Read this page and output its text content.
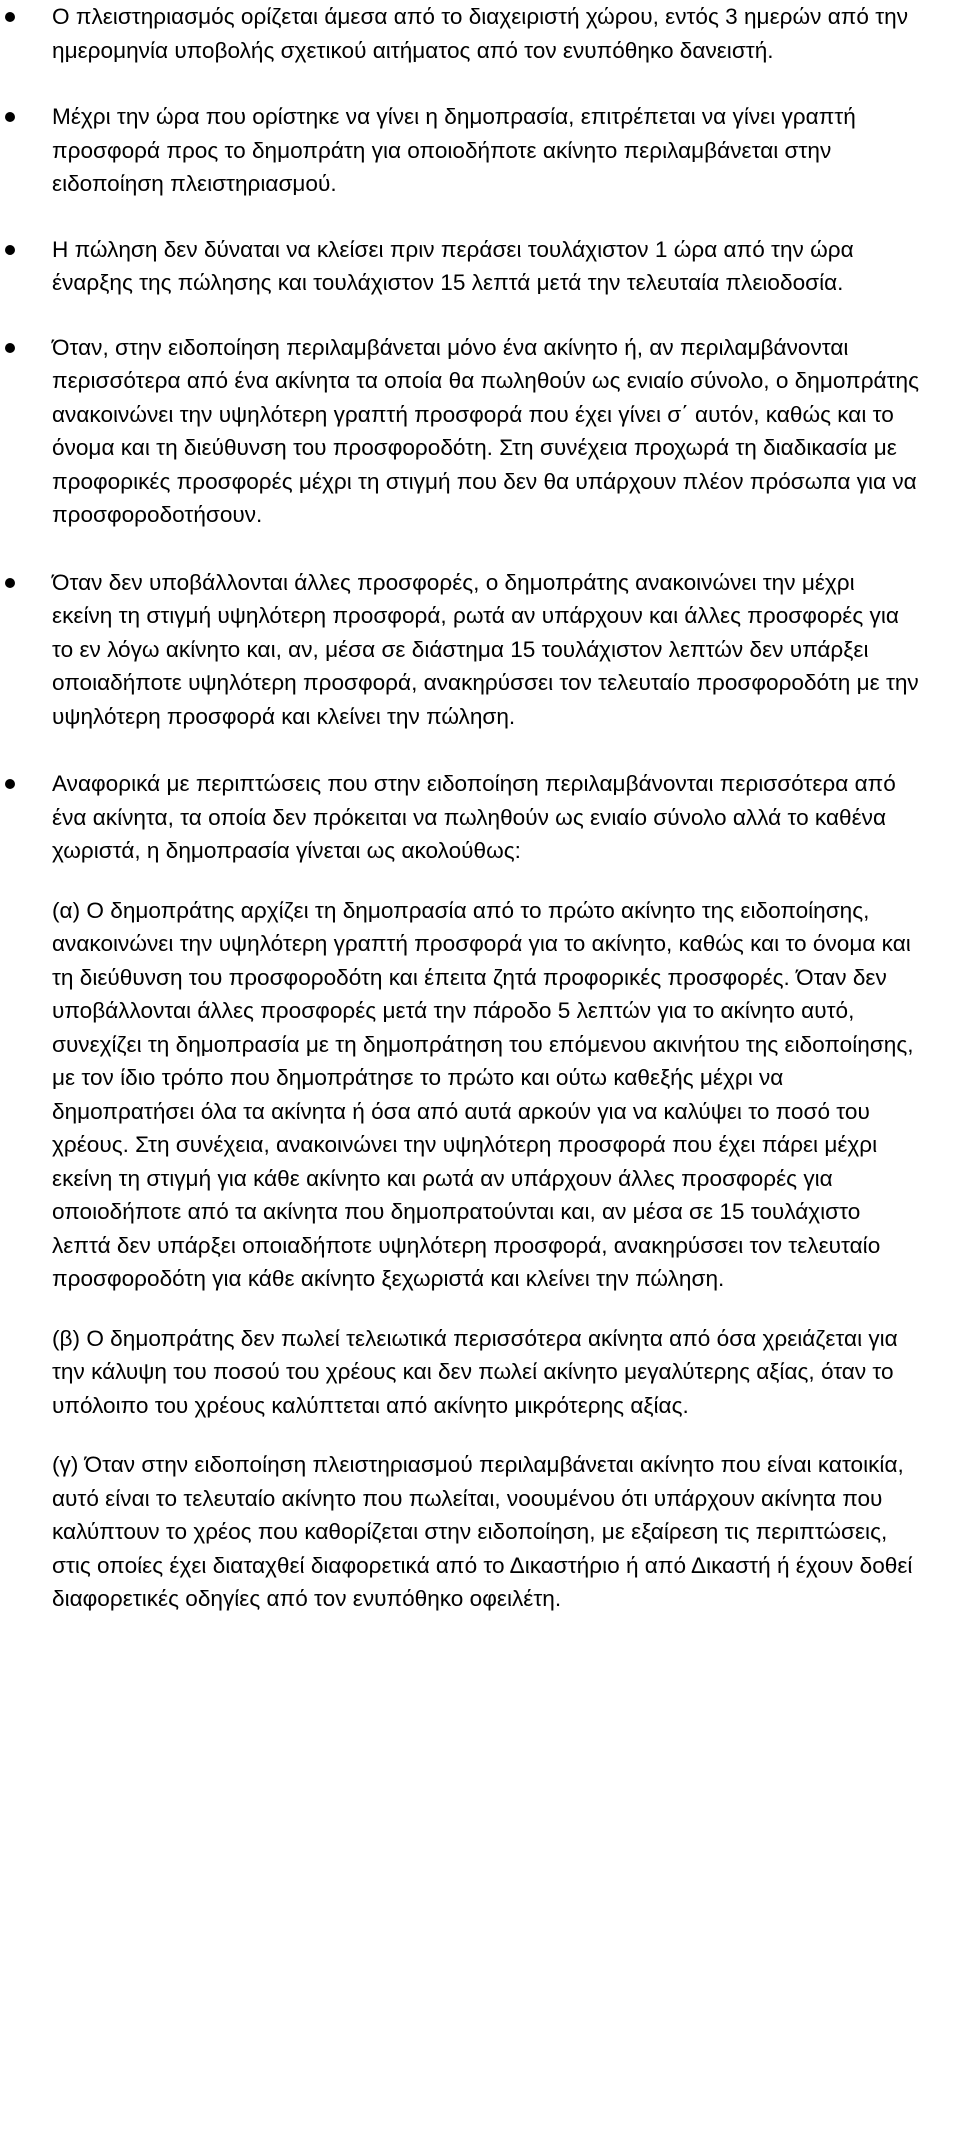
Ο πλειστηριασμός ορίζεται άμεσα από το διαχειριστή χώρου, εντός 3 ημερών από την ημερομηνία υποβολής σχετικού αιτήματος από τον ενυπόθηκο δανειστή.

Μέχρι την ώρα που ορίστηκε να γίνει η δημοπρασία, επιτρέπεται να γίνει γραπτή προσφορά προς το δημοπράτη για οποιοδήποτε ακίνητο περιλαμβάνεται στην ειδοποίηση πλειστηριασμού.

Η πώληση δεν δύναται να κλείσει πριν περάσει τουλάχιστον 1 ώρα από την ώρα έναρξης της πώλησης και τουλάχιστον 15 λεπτά μετά την τελευταία πλειοδοσία.

Όταν, στην ειδοποίηση περιλαμβάνεται μόνο ένα ακίνητο ή, αν περιλαμβάνονται περισσότερα από ένα ακίνητα τα οποία θα πωληθούν ως ενιαίο σύνολο, ο δημοπράτης ανακοινώνει την υψηλότερη γραπτή προσφορά που έχει γίνει σ΄ αυτόν, καθώς και το όνομα και τη διεύθυνση του προσφοροδότη. Στη συνέχεια προχωρά τη διαδικασία με προφορικές προσφορές μέχρι τη στιγμή που δεν θα υπάρχουν πλέον πρόσωπα για να προσφοροδοτήσουν.

Όταν δεν υποβάλλονται άλλες προσφορές, ο δημοπράτης ανακοινώνει την μέχρι εκείνη τη στιγμή υψηλότερη προσφορά, ρωτά αν υπάρχουν και άλλες προσφορές για το εν λόγω ακίνητο και, αν, μέσα σε διάστημα 15 τουλάχιστον λεπτών δεν υπάρξει οποιαδήποτε υψηλότερη προσφορά, ανακηρύσσει τον τελευταίο προσφοροδότη με την υψηλότερη προσφορά και κλείνει την πώληση.

Αναφορικά με περιπτώσεις που στην ειδοποίηση περιλαμβάνονται περισσότερα από ένα ακίνητα, τα οποία δεν πρόκειται να πωληθούν ως ενιαίο σύνολο αλλά το καθένα χωριστά, η δημοπρασία γίνεται ως ακολούθως:

(α) Ο δημοπράτης αρχίζει τη δημοπρασία από το πρώτο ακίνητο της ειδοποίησης, ανακοινώνει την υψηλότερη γραπτή προσφορά για το ακίνητο, καθώς και το όνομα και τη διεύθυνση του προσφοροδότη και έπειτα ζητά προφορικές προσφορές. Όταν δεν υποβάλλονται άλλες προσφορές μετά την πάροδο 5 λεπτών για το ακίνητο αυτό, συνεχίζει τη δημοπρασία με τη δημοπράτηση του επόμενου ακινήτου της ειδοποίησης, με τον ίδιο τρόπο που δημοπράτησε το πρώτο και ούτω καθεξής μέχρι να δημοπρατήσει όλα τα ακίνητα ή όσα από αυτά αρκούν για να καλύψει το ποσό του χρέους. Στη συνέχεια, ανακοινώνει την υψηλότερη προσφορά που έχει πάρει μέχρι εκείνη τη στιγμή για κάθε ακίνητο και ρωτά αν υπάρχουν άλλες προσφορές για οποιοδήποτε από τα ακίνητα που δημοπρατούνται και, αν μέσα σε 15 τουλάχιστο λεπτά δεν υπάρξει οποιαδήποτε υψηλότερη προσφορά, ανακηρύσσει τον τελευταίο προσφοροδότη για κάθε ακίνητο ξεχωριστά και κλείνει την πώληση.

(β) Ο δημοπράτης δεν πωλεί τελειωτικά περισσότερα ακίνητα από όσα χρειάζεται για την κάλυψη του ποσού του χρέους και δεν πωλεί ακίνητο μεγαλύτερης αξίας, όταν το υπόλοιπο του χρέους καλύπτεται από ακίνητο μικρότερης αξίας.

(γ) Όταν στην ειδοποίηση πλειστηριασμού περιλαμβάνεται ακίνητο που είναι κατοικία, αυτό είναι το τελευταίο ακίνητο που πωλείται, νοουμένου ότι υπάρχουν ακίνητα που καλύπτουν το χρέος που καθορίζεται στην ειδοποίηση, με εξαίρεση τις περιπτώσεις, στις οποίες έχει διαταχθεί διαφορετικά από το Δικαστήριο ή από Δικαστή ή έχουν δοθεί διαφορετικές οδηγίες από τον ενυπόθηκο οφειλέτη.
